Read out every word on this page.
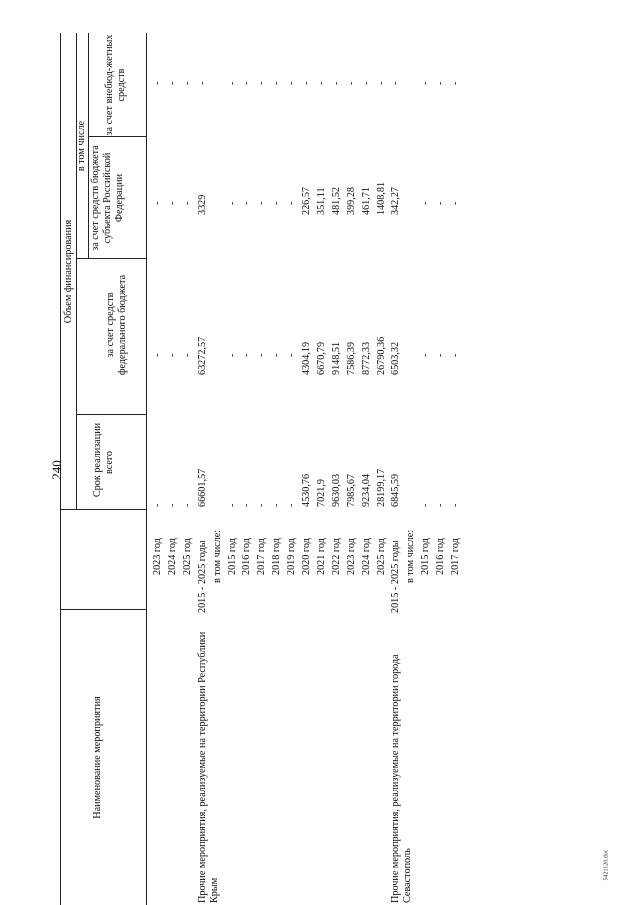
240
5421120.doc
Наименование мероприятия
Срок реализации
Объем финансирования
всего
в том числе
за счет средств федерального бюджета
за счет средств бюджета субъекта Российской Федерации
за счет внебюд-жетных средств
2023 год
-
-
-
-
2024 год
-
-
-
-
2025 год
-
-
-
-
Прочие мероприятия, реализуемые на территории Республики Крым
2015 - 2025 годы
66601,57
63272,57
3329
-
в том числе: 2015 год
-
-
-
-
2016 год
-
-
-
-
2017 год
-
-
-
-
2018 год
-
-
-
-
2019 год
-
-
-
-
2020 год
4530,76
4304,19
226,57
-
2021 год
7021,9
6670,79
351,11
-
2022 год
9630,03
9148,51
481,52
-
2023 год
7985,67
7586,39
399,28
-
2024 год
9234,04
8772,33
461,71
-
2025 год
28199,17
26790,36
1408,81
-
Прочие мероприятия, реализуемые на территории города Севастополь
2015 - 2025 годы
6845,59
6503,32
342,27
-
в том числе: 2015 год
-
-
-
-
2016 год
-
-
-
-
2017 год
-
-
-
-
